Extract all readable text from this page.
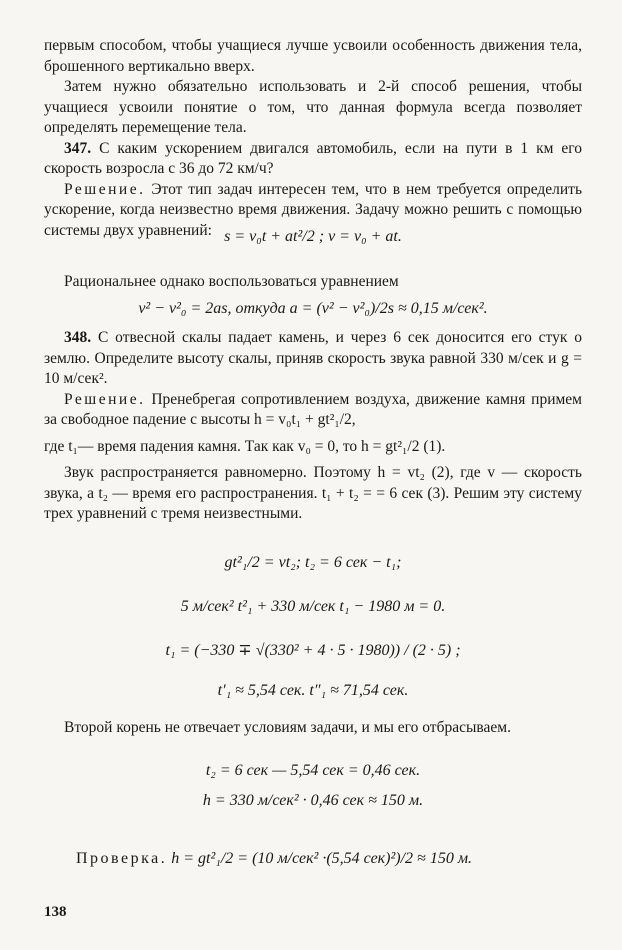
первым способом, чтобы учащиеся лучше усвоили особенность движения тела, брошенного вертикально вверх.

Затем нужно обязательно использовать и 2-й способ решения, чтобы учащиеся усвоили понятие о том, что данная формула всегда позволяет определять перемещение тела.

347. С каким ускорением двигался автомобиль, если на пути в 1 км его скорость возросла с 36 до 72 км/ч?

Решение. Этот тип задач интересен тем, что в нем требуется определить ускорение, когда неизвестно время движения. Задачу можно решить с помощью системы двух уравнений: s = v₀t + at²/2 ; v = v₀ + at.

Рациональнее однако воспользоваться уравнением

v² − v²₀ = 2as, откуда a = (v² − v²₀)/2s ≈ 0,15 м/сек².

348. С отвесной скалы падает камень, и через 6 сек доносится его стук о землю. Определите высоту скалы, приняв скорость звука равной 330 м/сек и g = 10 м/сек².

Решение. Пренебрегая сопротивлением воздуха, движение камня примем за свободное падение с высоты h = v₀t₁ + gt²₁/2,

где t₁— время падения камня. Так как v₀ = 0, то h = gt²₁/2 (1).

Звук распространяется равномерно. Поэтому h = vt₂ (2), где v — скорость звука, а t₂ — время его распространения. t₁ + t₂ = = 6 сек (3). Решим эту систему трех уравнений с тремя неизвестными.

gt²₁/2 = vt₂; t₂ = 6 сек − t₁;
5 м/сек² t²₁ + 330 м/сек t₁ − 1980 м = 0.
t₁ = (−330 ∓ √(330² + 4 · 5 · 1980)) / (2 · 5) ;
t′₁ ≈ 5,54 сек. t″₁ ≈ 71,54 сек.

Второй корень не отвечает условиям задачи, и мы его отбрасываем.

t₂ = 6 сек — 5,54 сек = 0,46 сек.
h = 330 м/сек² · 0,46 сек ≈ 150 м.
Проверка. h = gt²₁/2 = (10 м/сек² ·(5,54 сек)²)/2 ≈ 150 м.
138
